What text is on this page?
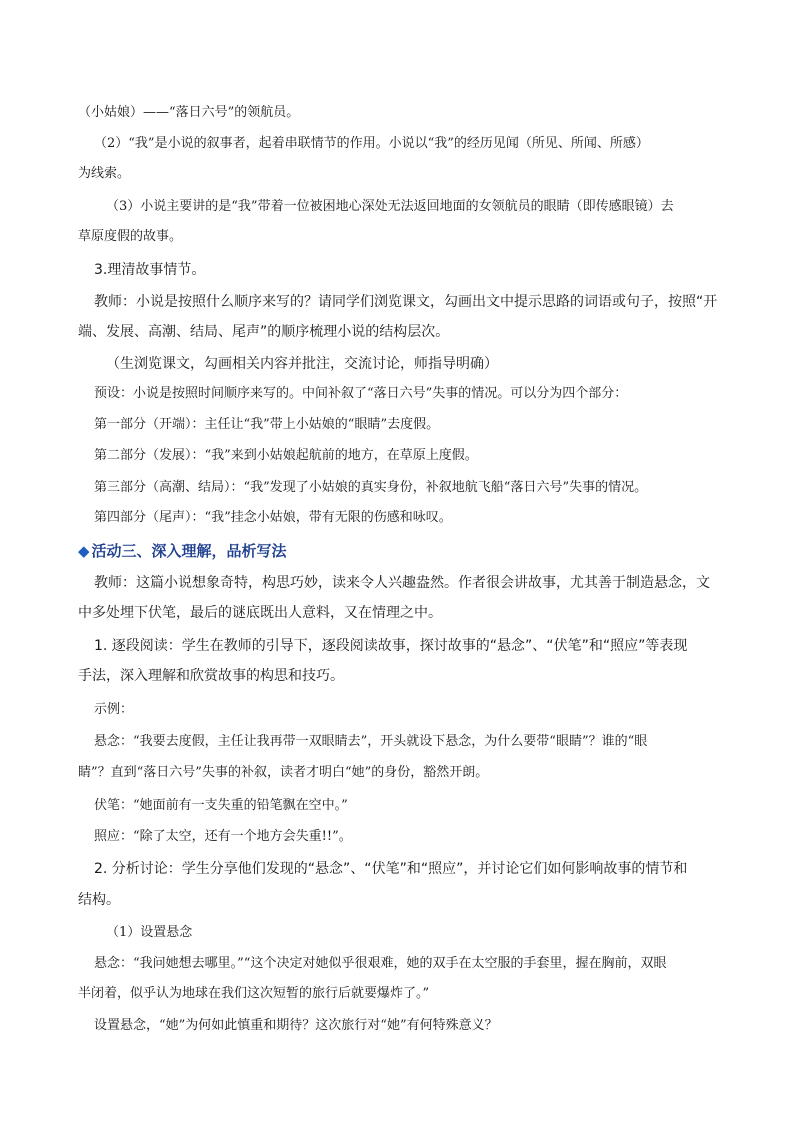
（小姑娘）——“落日六号”的领航员。
（2）“我”是小说的叙事者，起着串联情节的作用。小说以“我”的经历见闻（所见、所闻、所感）
为线索。
（3）小说主要讲的是“我”带着一位被困地心深处无法返回地面的女领航员的眼睛（即传感眼镜）去
草原度假的故事。
3.理清故事情节。
教师：小说是按照什么顺序来写的？请同学们浏览课文，勾画出文中提示思路的词语或句子，按照“开
端、发展、高潮、结局、尾声”的顺序梳理小说的结构层次。
（生浏览课文，勾画相关内容并批注，交流讨论，师指导明确）
预设：小说是按照时间顺序来写的。中间补叙了“落日六号”失事的情况。可以分为四个部分：
第一部分（开端）：主任让“我”带上小姑娘的“眼睛”去度假。
第二部分（发展）：“我”来到小姑娘起航前的地方，在草原上度假。
第三部分（高潮、结局）：“我”发现了小姑娘的真实身份，补叙地航飞船“落日六号”失事的情况。
第四部分（尾声）：“我”挂念小姑娘，带有无限的伤感和咏叹。
◆ 活动三、深入理解，品析写法
教师：这篇小说想象奇特，构思巧妙，读来令人兴趣盎然。作者很会讲故事，尤其善于制造悬念，文
中多处埋下伏笔，最后的谜底既出人意料，又在情理之中。
1. 逐段阅读：学生在教师的引导下，逐段阅读故事，探讨故事的“悬念”、“伏笔”和“照应”等表现
手法，深入理解和欣赏故事的构思和技巧。
示例：
悬念：“我要去度假，主任让我再带一双眼睛去”，开头就设下悬念，为什么要带“眼睛”？谁的“眼
睛”？直到“落日六号”失事的补叙，读者才明白“她”的身份，豁然开朗。
伏笔：“她面前有一支失重的铅笔飘在空中。”
照应：“除了太空，还有一个地方会失重!!”。
2. 分析讨论：学生分享他们发现的“悬念”、“伏笔”和“照应”，并讨论它们如何影响故事的情节和
结构。
（1）设置悬念
悬念：“我问她想去哪里。”“这个决定对她似乎很艰难，她的双手在太空服的手套里，握在胸前，双眼
半闭着，似乎认为地球在我们这次短暂的旅行后就要爆炸了。”
设置悬念，“她”为何如此慎重和期待？这次旅行对“她”有何特殊意义？
